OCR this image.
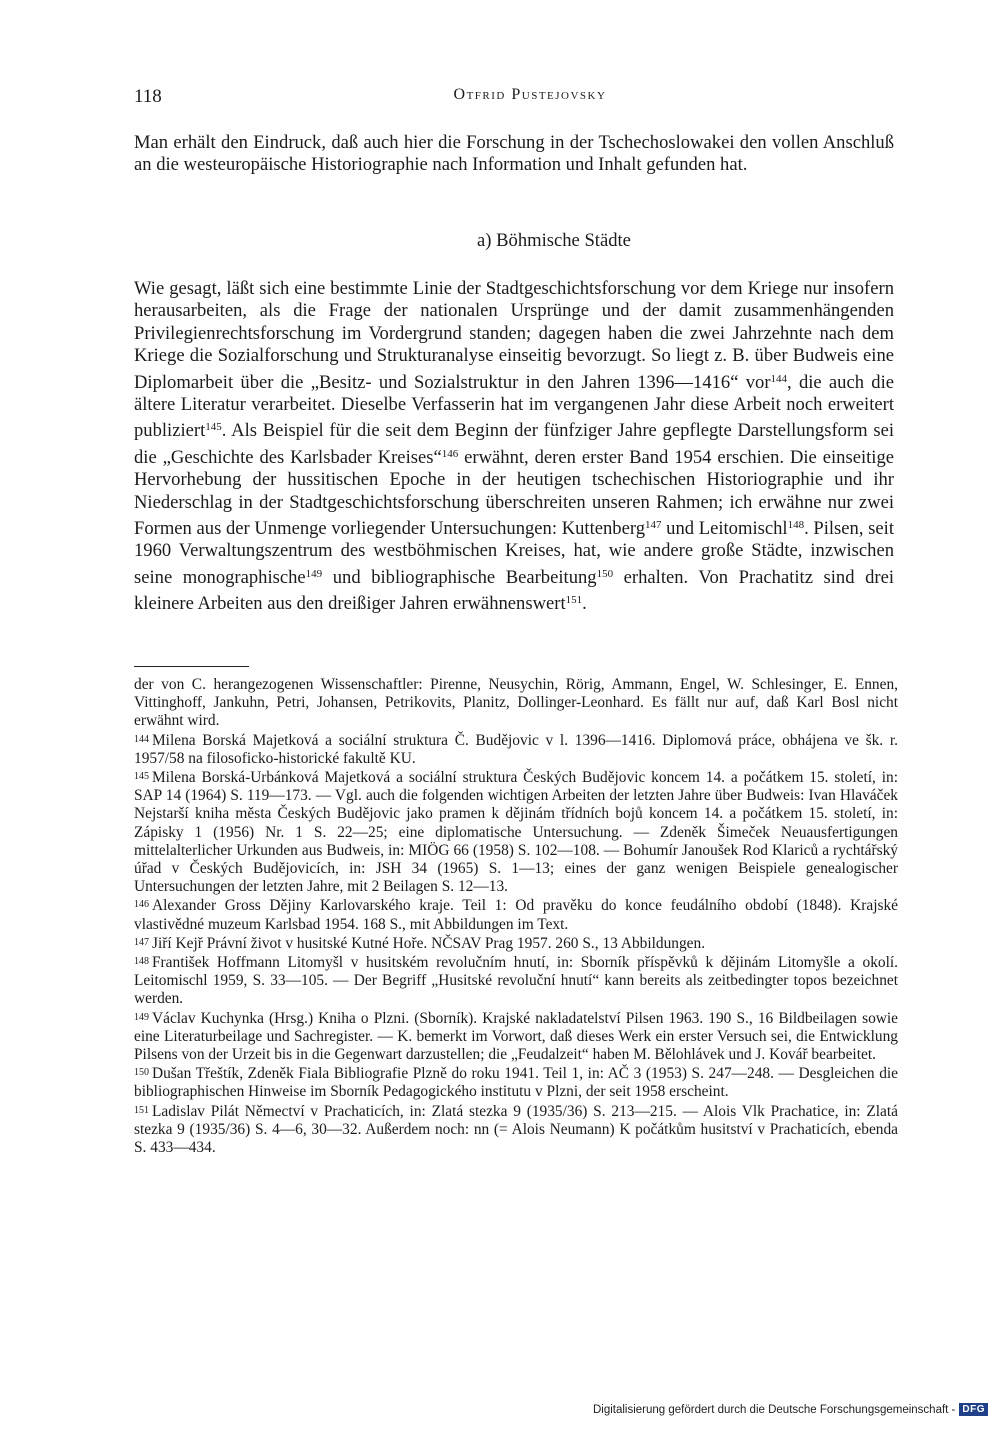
118	Otfrid Pustejovsky

Man erhält den Eindruck, daß auch hier die Forschung in der Tschechoslowakei den vollen Anschluß an die westeuropäische Historiographie nach Information und Inhalt gefunden hat.

a) Böhmische Städte

Wie gesagt, läßt sich eine bestimmte Linie der Stadtgeschichtsforschung vor dem Kriege nur insofern herausarbeiten, als die Frage der nationalen Ursprünge und der damit zusammenhängenden Privilegienrechtsforschung im Vordergrund standen; dagegen haben die zwei Jahrzehnte nach dem Kriege die Sozialforschung und Strukturanalyse einseitig bevorzugt. So liegt z. B. über Budweis eine Diplomarbeit über die „Besitz- und Sozialstruktur in den Jahren 1396—1416“ vor$^{144}$, die auch die ältere Literatur verarbeitet. Dieselbe Verfasserin hat im vergangenen Jahr diese Arbeit noch erweitert publiziert$^{145}$. Als Beispiel für die seit dem Beginn der fünfziger Jahre gepflegte Darstellungsform sei die „Geschichte des Karlsbader Kreises“$^{146}$ erwähnt, deren erster Band 1954 erschien. Die einseitige Hervorhebung der hussitischen Epoche in der heutigen tschechischen Historiographie und ihr Niederschlag in der Stadtgeschichtsforschung überschreiten unseren Rahmen; ich erwähne nur zwei Formen aus der Unmenge vorliegender Untersuchungen: Kuttenberg$^{147}$ und Leitomischl$^{148}$. Pilsen, seit 1960 Verwaltungszentrum des westböhmischen Kreises, hat, wie andere große Städte, inzwischen seine monographische$^{149}$ und bibliographische Bearbeitung$^{150}$ erhalten. Von Prachatitz sind drei kleinere Arbeiten aus den dreißiger Jahren erwähnenswert$^{151}$.

der von C. herangezogenen Wissenschaftler: Pirenne, Neusychin, Rörig, Ammann, Engel, W. Schlesinger, E. Ennen, Vittinghoff, Jankuhn, Petri, Johansen, Petrikovits, Planitz, Dollinger-Leonhard. Es fällt nur auf, daß Karl Bosl nicht erwähnt wird.

144 Milena Borská Majetková a sociální struktura Č. Budějovic v l. 1396—1416. Diplomová práce, obhájena ve šk. r. 1957/58 na filosoficko-historické fakultě KU.

145 Milena Borská-Urbánková Majetková a sociální struktura Českých Budějovic koncem 14. a počátkem 15. století, in: SAP 14 (1964) S. 119—173. — Vgl. auch die folgenden wichtigen Arbeiten der letzten Jahre über Budweis: Ivan Hlaváček Nejstarší kniha města Českých Budějovic jako pramen k dějinám třídních bojů koncem 14. a počátkem 15. století, in: Zápisky 1 (1956) Nr. 1 S. 22—25; eine diplomatische Untersuchung. — Zdeněk Šimeček Neuausfertigungen mittelalterlicher Urkunden aus Budweis, in: MIÖG 66 (1958) S. 102—108. — Bohumír Janoušek Rod Klariců a rychtářský úřad v Českých Budějovicích, in: JSH 34 (1965) S. 1—13; eines der ganz wenigen Beispiele genealogischer Untersuchungen der letzten Jahre, mit 2 Beilagen S. 12—13.

146 Alexander Gross Dějiny Karlovarského kraje. Teil 1: Od pravěku do konce feudálního období (1848). Krajské vlastivědné muzeum Karlsbad 1954. 168 S., mit Abbildungen im Text.

147 Jiří Kejř Právní život v husitské Kutné Hoře. NČSAV Prag 1957. 260 S., 13 Abbildungen.

148 František Hoffmann Litomyšl v husitském revolučním hnutí, in: Sborník příspěvků k dějinám Litomyšle a okolí. Leitomischl 1959, S. 33—105. — Der Begriff „Husitské revoluční hnutí“ kann bereits als zeitbedingter topos bezeichnet werden.

149 Václav Kuchynka (Hrsg.) Kniha o Plzni. (Sborník). Krajské nakladatelství Pilsen 1963. 190 S., 16 Bildbeilagen sowie eine Literaturbeilage und Sachregister. — K. bemerkt im Vorwort, daß dieses Werk ein erster Versuch sei, die Entwicklung Pilsens von der Urzeit bis in die Gegenwart darzustellen; die „Feudalzeit“ haben M. Bělohlávek und J. Kovář bearbeitet.

150 Dušan Třeštík, Zdeněk Fiala Bibliografie Plzně do roku 1941. Teil 1, in: AČ 3 (1953) S. 247—248. — Desgleichen die bibliographischen Hinweise im Sborník Pedagogického institutu v Plzni, der seit 1958 erscheint.

151 Ladislav Pilát Němectví v Prachaticích, in: Zlatá stezka 9 (1935/36) S. 213—215. — Alois Vlk Prachatice, in: Zlatá stezka 9 (1935/36) S. 4—6, 30—32. Außerdem noch: nn (= Alois Neumann) K počátkům husitství v Prachaticích, ebenda S. 433—434.

Digitalisierung gefördert durch die Deutsche Forschungsgemeinschaft - DFG
